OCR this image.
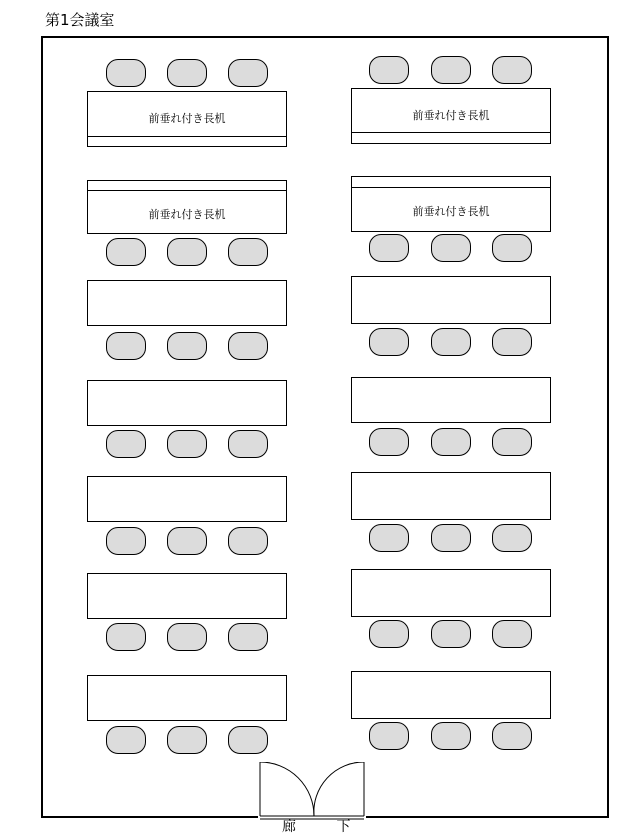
第1会議室
前垂れ付き長机
前垂れ付き長机
前垂れ付き長机
前垂れ付き長机
廊 下
